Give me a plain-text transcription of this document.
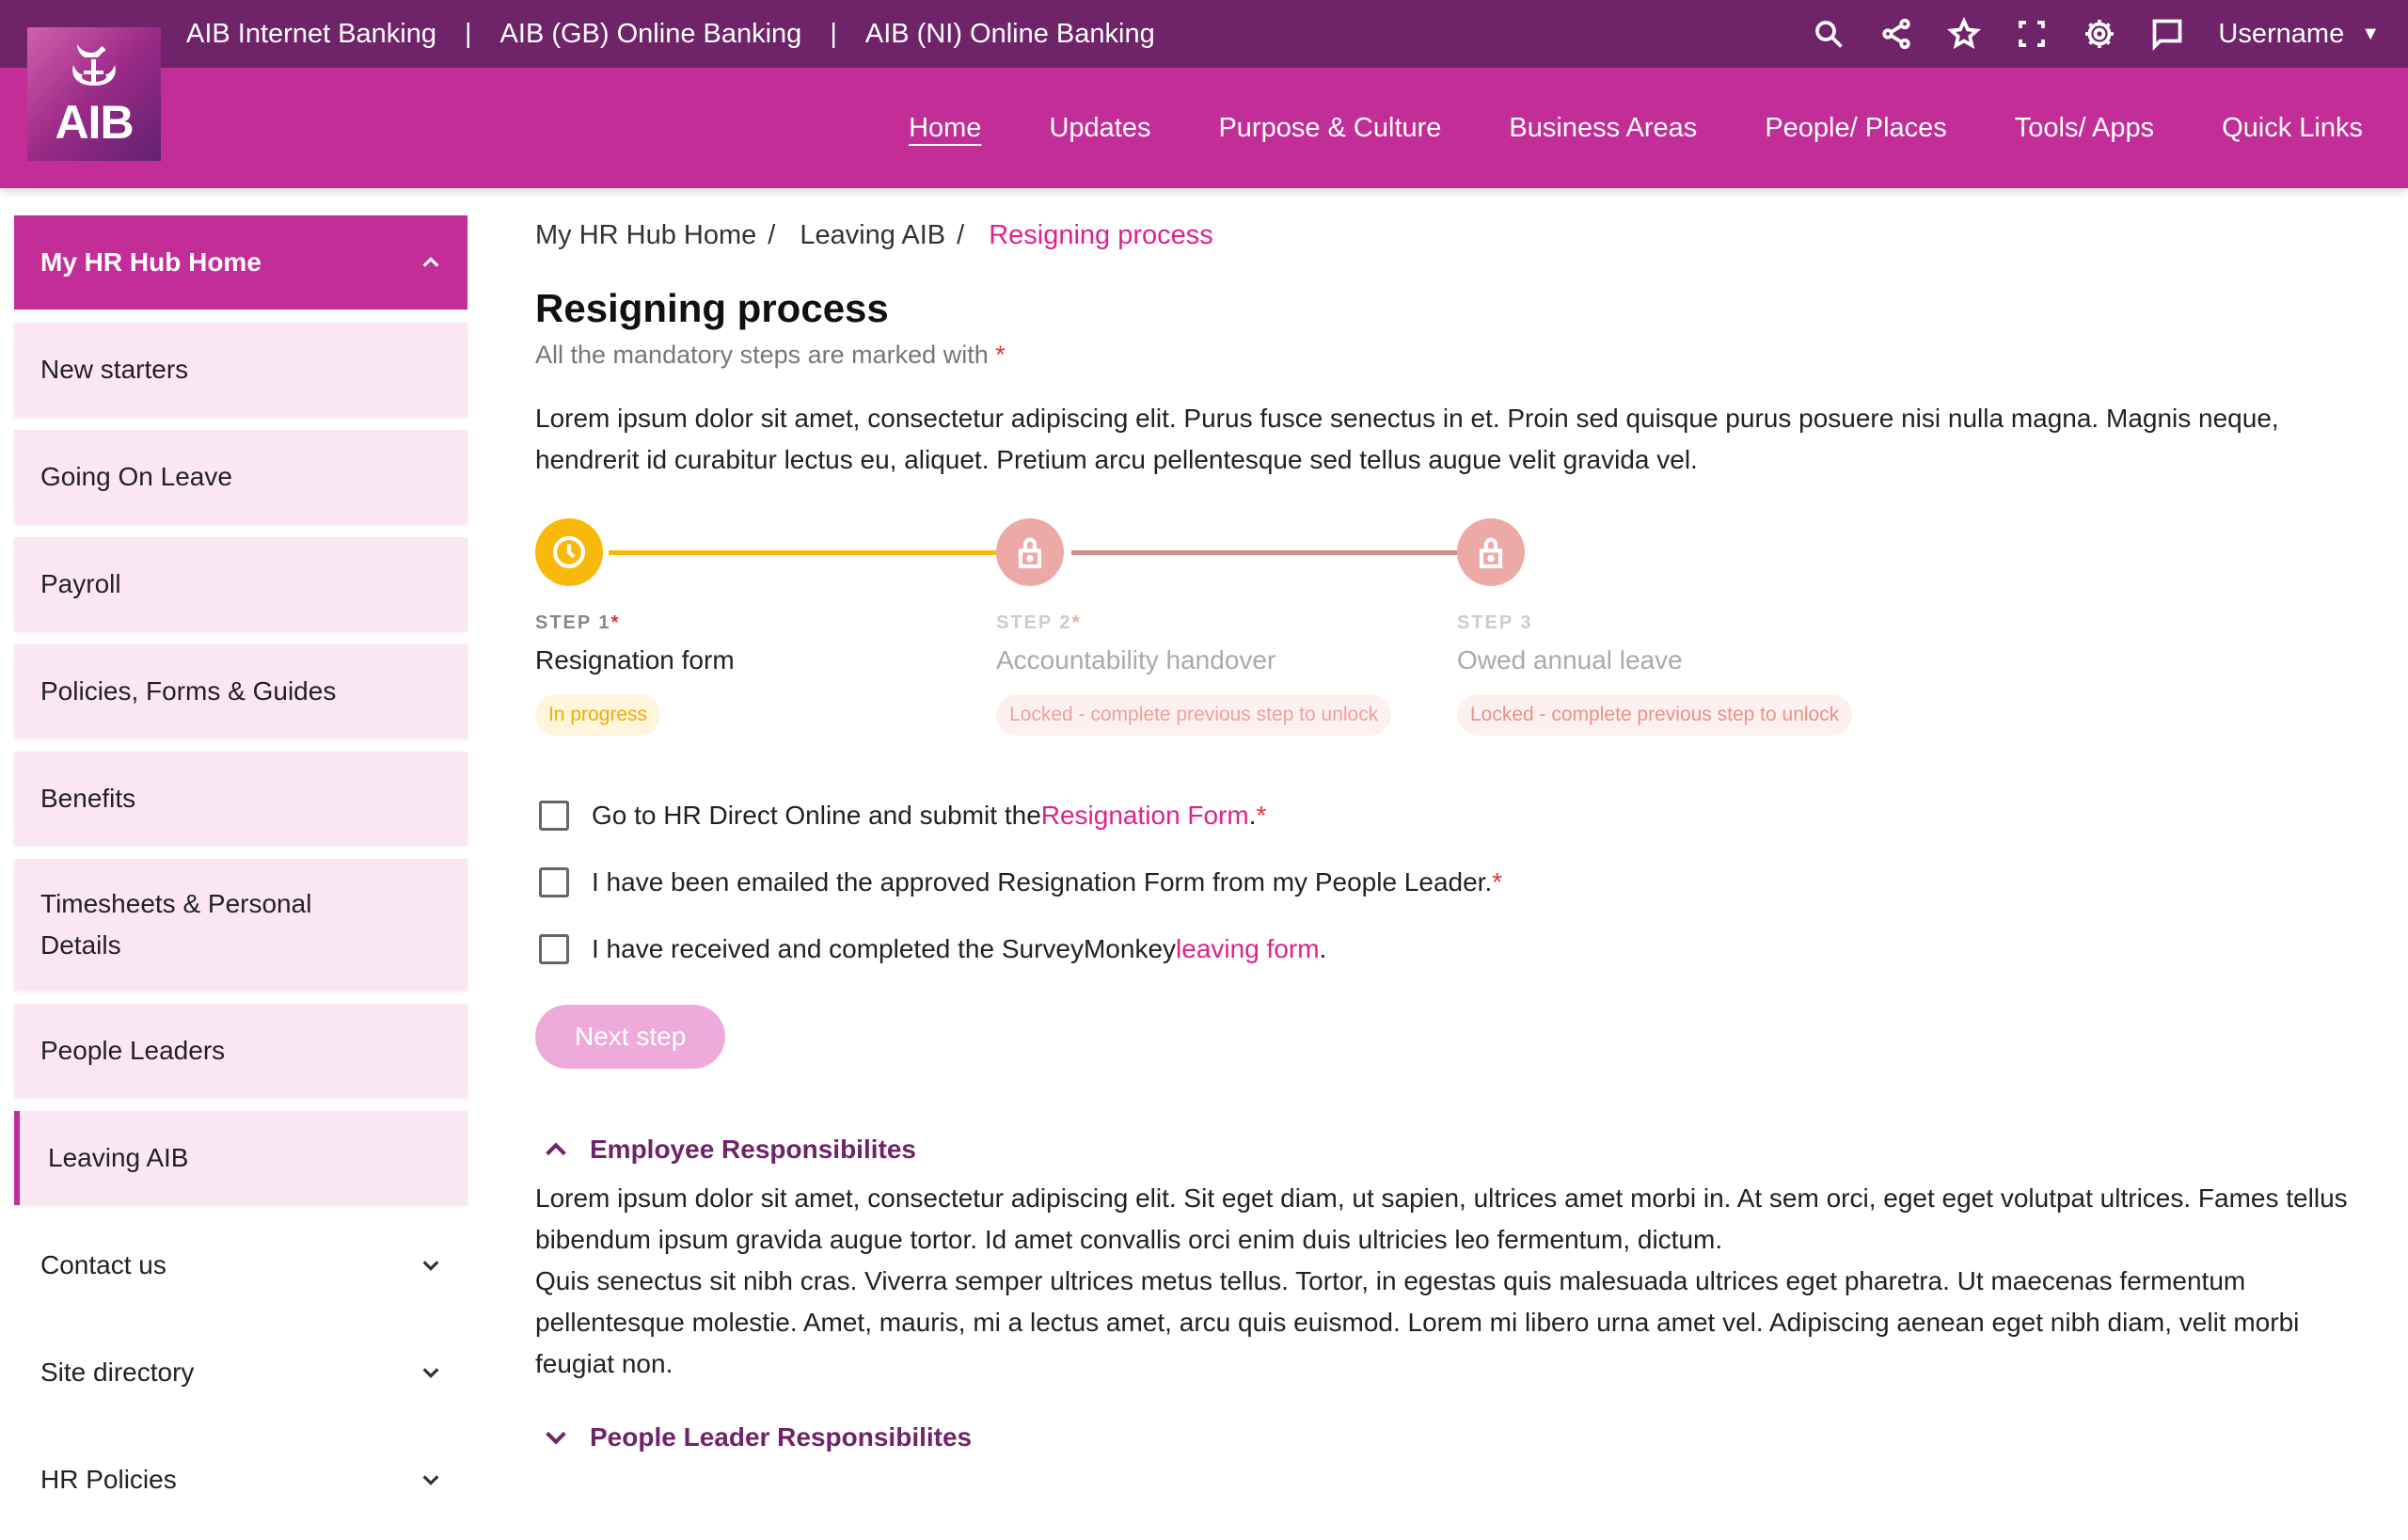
AIB
AIB Internet Banking | AIB (GB) Online Banking | AIB (NI) Online Banking	Username ▼
Home Updates Purpose & Culture Business Areas People/ Places Tools/ Apps Quick Links
My HR Hub Home
New starters
Going On Leave
Payroll
Policies, Forms & Guides
Benefits
Timesheets & Personal Details
People Leaders
Leaving AIB
Contact us
Site directory
HR Policies
My HR Hub Home / Leaving AIB / Resigning process
Resigning process
All the mandatory steps are marked with *

Lorem ipsum dolor sit amet, consectetur adipiscing elit. Purus fusce senectus in et. Proin sed quisque purus posuere nisi nulla magna. Magnis neque, hendrerit id curabitur lectus eu, aliquet. Pretium arcu pellentesque sed tellus augue velit gravida vel.

STEP 1*
Resignation form
In progress
STEP 2*
Accountability handover
Locked - complete previous step to unlock
STEP 3
Owed annual leave
Locked - complete previous step to unlock
Go to HR Direct Online and submit the Resignation Form . *
I have been emailed the approved Resignation Form from my People Leader. *
I have received and completed the SurveyMonkey leaving form .
Next step
Employee Responsibilites

Lorem ipsum dolor sit amet, consectetur adipiscing elit. Sit eget diam, ut sapien, ultrices amet morbi in. At sem orci, eget eget volutpat ultrices. Fames tellus bibendum ipsum gravida augue tortor. Id amet convallis orci enim duis ultricies leo fermentum, dictum.

Quis senectus sit nibh cras. Viverra semper ultrices metus tellus. Tortor, in egestas quis malesuada ultrices eget pharetra. Ut maecenas fermentum pellentesque molestie. Amet, mauris, mi a lectus amet, arcu quis euismod. Lorem mi libero urna amet vel. Adipiscing aenean eget nibh diam, velit morbi feugiat non.

People Leader Responsibilites
